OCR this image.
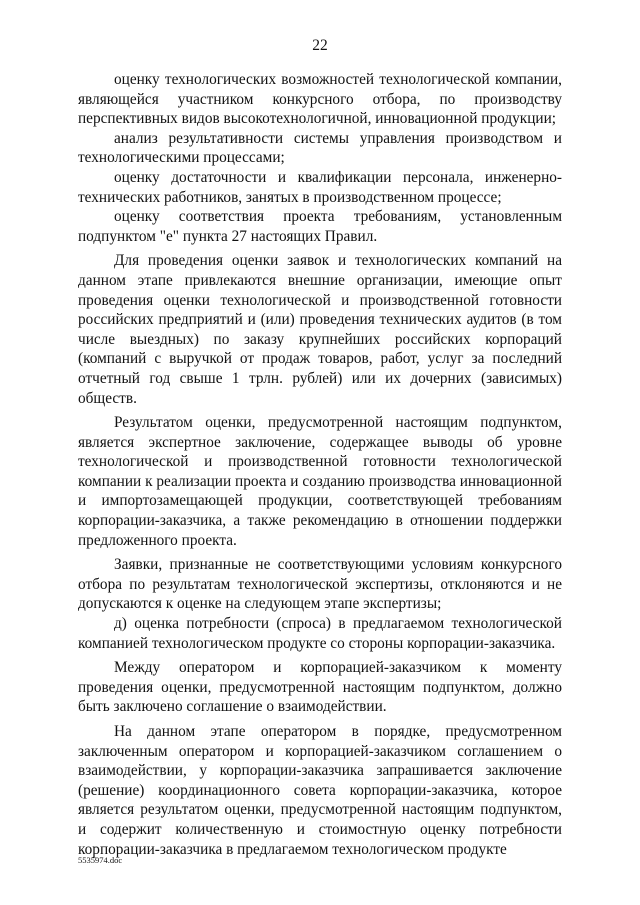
22

оценку технологических возможностей технологической компании, являющейся участником конкурсного отбора, по производству перспективных видов высокотехнологичной, инновационной продукции;

анализ результативности системы управления производством и технологическими процессами;

оценку достаточности и квалификации персонала, инженерно-технических работников, занятых в производственном процессе;

оценку соответствия проекта требованиям, установленным подпунктом "е" пункта 27 настоящих Правил.

Для проведения оценки заявок и технологических компаний на данном этапе привлекаются внешние организации, имеющие опыт проведения оценки технологической и производственной готовности российских предприятий и (или) проведения технических аудитов (в том числе выездных) по заказу крупнейших российских корпораций (компаний с выручкой от продаж товаров, работ, услуг за последний отчетный год свыше 1 трлн. рублей) или их дочерних (зависимых) обществ.

Результатом оценки, предусмотренной настоящим подпунктом, является экспертное заключение, содержащее выводы об уровне технологической и производственной готовности технологической компании к реализации проекта и созданию производства инновационной и импортозамещающей продукции, соответствующей требованиям корпорации-заказчика, а также рекомендацию в отношении поддержки предложенного проекта.

Заявки, признанные не соответствующими условиям конкурсного отбора по результатам технологической экспертизы, отклоняются и не допускаются к оценке на следующем этапе экспертизы;

д) оценка потребности (спроса) в предлагаемом технологической компанией технологическом продукте со стороны корпорации-заказчика.

Между оператором и корпорацией-заказчиком к моменту проведения оценки, предусмотренной настоящим подпунктом, должно быть заключено соглашение о взаимодействии.

На данном этапе оператором в порядке, предусмотренном заключенным оператором и корпорацией-заказчиком соглашением о взаимодействии, у корпорации-заказчика запрашивается заключение (решение) координационного совета корпорации-заказчика, которое является результатом оценки, предусмотренной настоящим подпунктом, и содержит количественную и стоимостную оценку потребности корпорации-заказчика в предлагаемом технологическом продукте

5535974.doc
